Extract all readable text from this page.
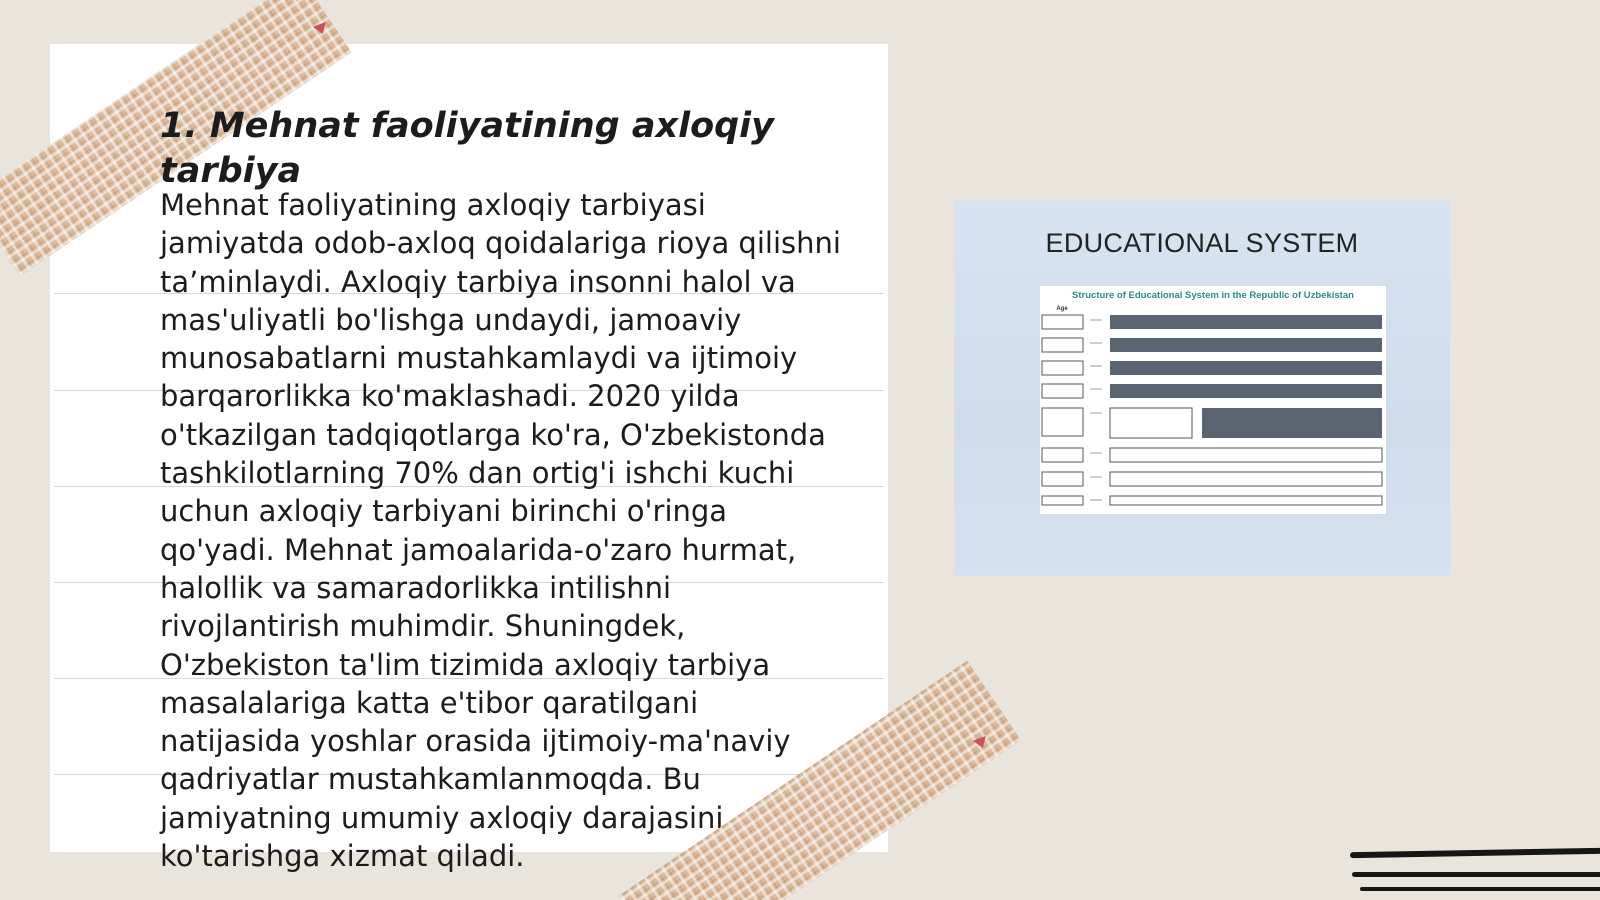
1. Mehnat faoliyatining axloqiy tarbiya

Mehnat faoliyatining axloqiy tarbiyasi jamiyatda odob-axloq qoidalariga rioya qilishni ta’minlaydi. Axloqiy tarbiya insonni halol va mas'uliyatli bo'lishga undaydi, jamoaviy munosabatlarni mustahkamlaydi va ijtimoiy barqarorlikka ko'maklashadi. 2020 yilda o'tkazilgan tadqiqotlarga ko'ra, O'zbekistonda tashkilotlarning 70% dan ortig'i ishchi kuchi uchun axloqiy tarbiyani birinchi o'ringa qo'yadi. Mehnat jamoalarida-o'zaro hurmat, halollik va samaradorlikka intilishni rivojlantirish muhimdir. Shuningdek, O'zbekiston ta'lim tizimida axloqiy tarbiya masalalariga katta e'tibor qaratilgani natijasida yoshlar orasida ijtimoiy-ma'naviy qadriyatlar mustahkamlanmoqda. Bu jamiyatning umumiy axloqiy darajasini ko'tarishga xizmat qiladi.

EDUCATIONAL SYSTEM
Structure of Educational System in the Republic of Uzbekistan
Age
